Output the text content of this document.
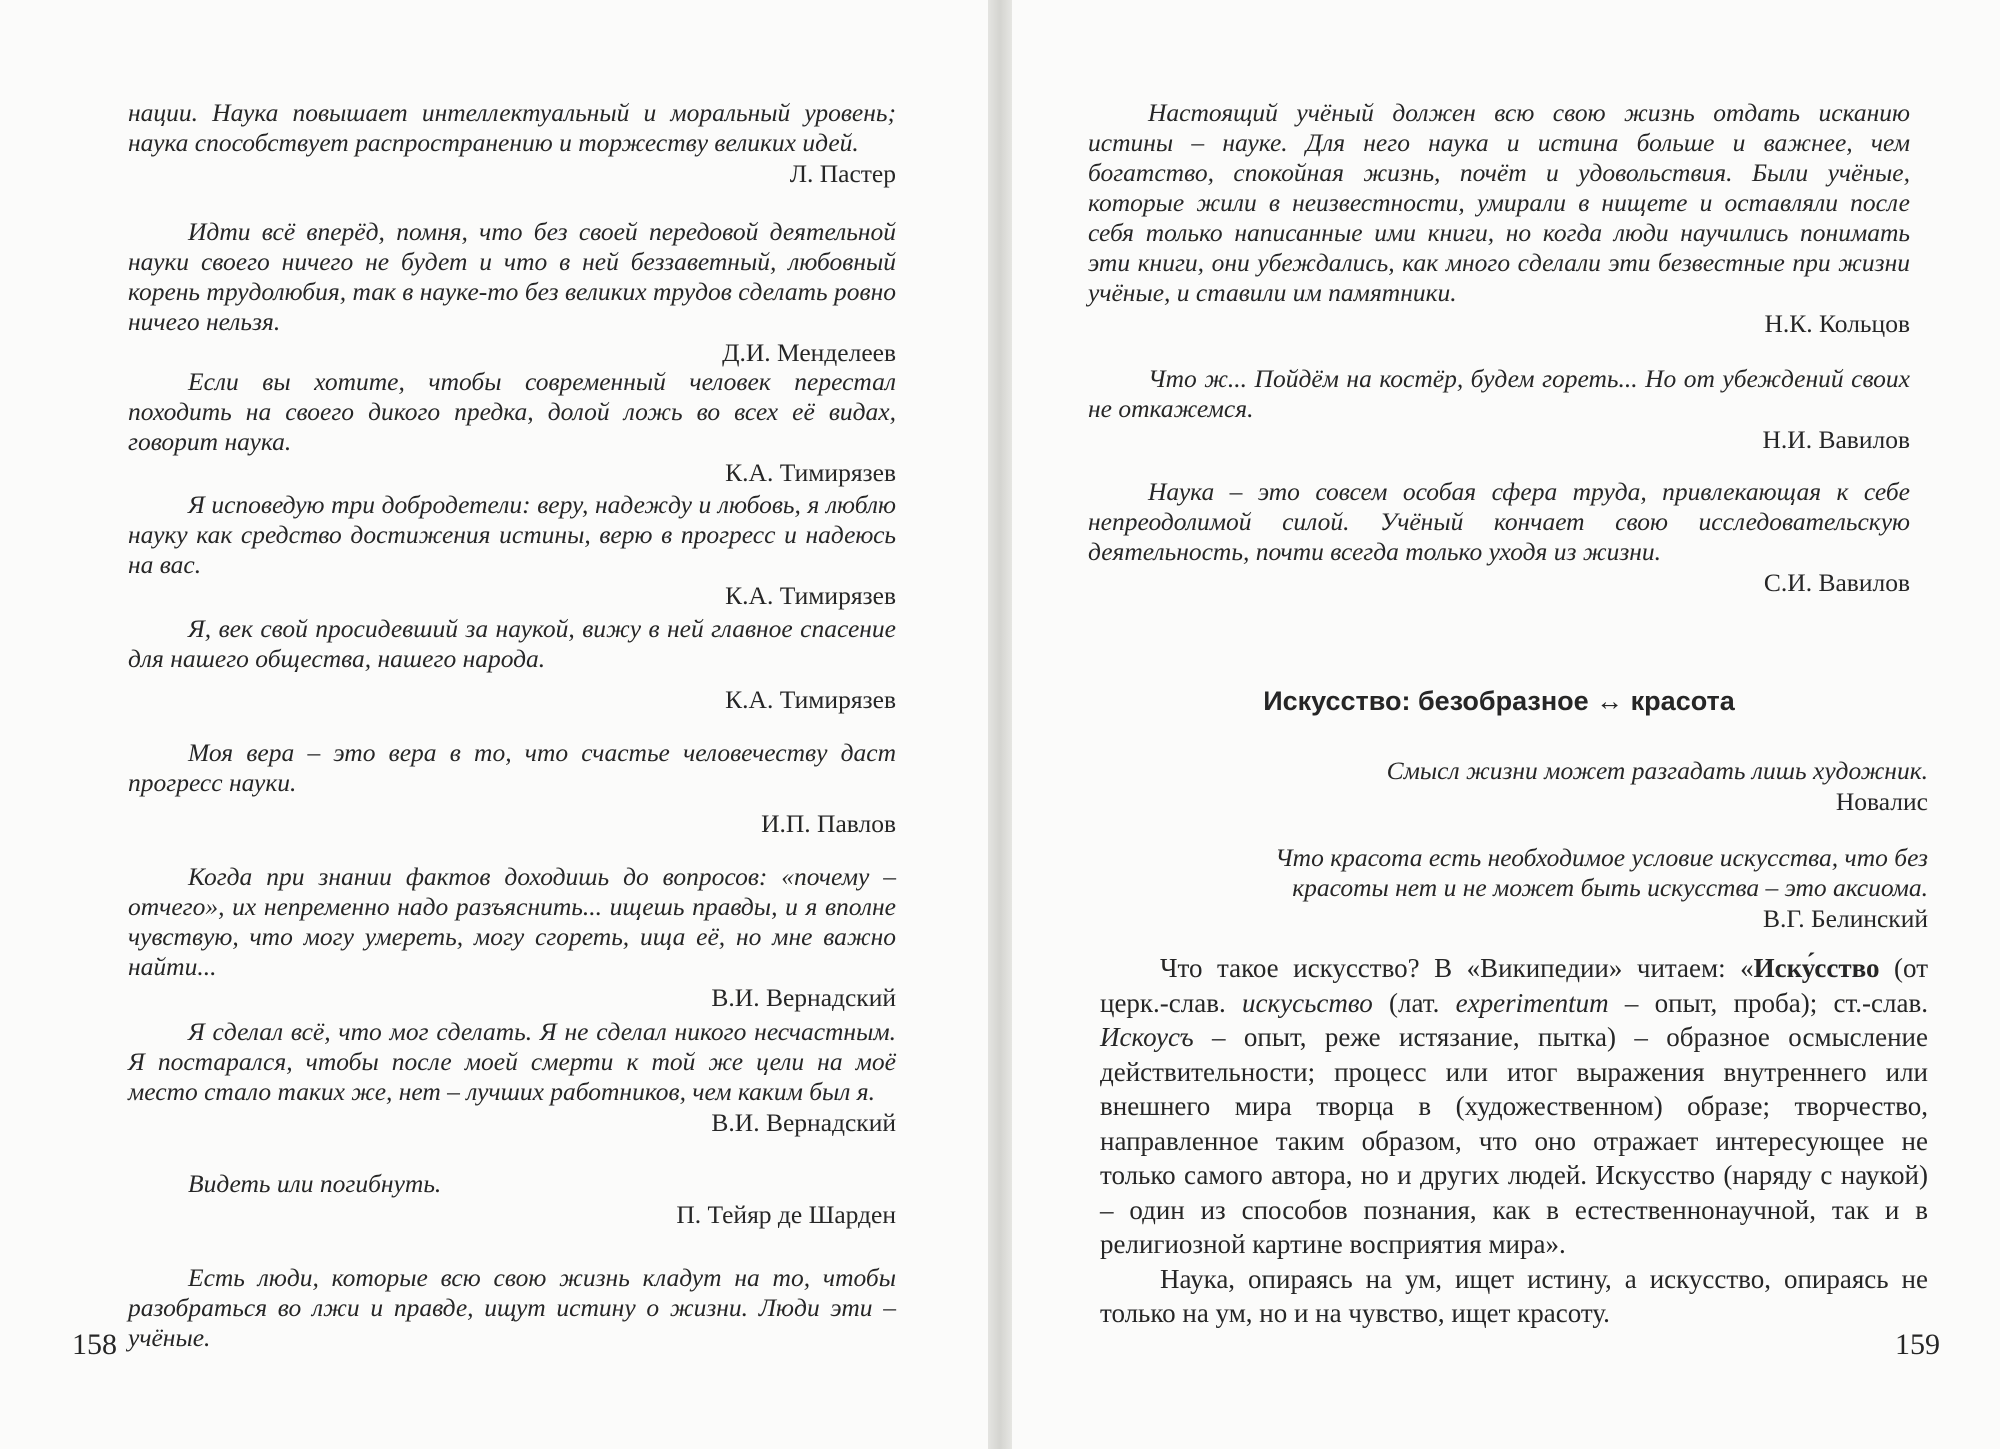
нации. Наука повышает интеллектуальный и моральный уровень; наука способствует распространению и торжеству великих идей.

Л. Пастер

Идти всё вперёд, помня, что без своей передовой деятельной науки своего ничего не будет и что в ней беззаветный, любовный корень трудолюбия, так в науке-то без великих трудов сделать ровно ничего нельзя.

Д.И. Менделеев

Если вы хотите, чтобы современный человек перестал походить на своего дикого предка, долой ложь во всех её видах, говорит наука.

К.А. Тимирязев

Я исповедую три добродетели: веру, надежду и любовь, я люблю науку как средство достижения истины, верю в прогресс и надеюсь на вас.

К.А. Тимирязев

Я, век свой просидевший за наукой, вижу в ней главное спасение для нашего общества, нашего народа.

К.А. Тимирязев

Моя вера – это вера в то, что счастье человечеству даст прогресс науки.

И.П. Павлов

Когда при знании фактов доходишь до вопросов: «почему – отчего», их непременно надо разъяснить... ищешь правды, и я вполне чувствую, что могу умереть, могу сгореть, ища её, но мне важно найти...

В.И. Вернадский

Я сделал всё, что мог сделать. Я не сделал никого несчастным. Я постарался, чтобы после моей смерти к той же цели на моё место стало таких же, нет – лучших работников, чем каким был я.

В.И. Вернадский

Видеть или погибнуть.

П. Тейяр де Шарден

Есть люди, которые всю свою жизнь кладут на то, чтобы разобраться во лжи и правде, ищут истину о жизни. Люди эти – учёные.

158

Настоящий учёный должен всю свою жизнь отдать исканию истины – науке. Для него наука и истина больше и важнее, чем богатство, спокойная жизнь, почёт и удовольствия. Были учёные, которые жили в неизвестности, умирали в нищете и оставляли после себя только написанные ими книги, но когда люди научились понимать эти книги, они убеждались, как много сделали эти безвестные при жизни учёные, и ставили им памятники.

Н.К. Кольцов

Что ж... Пойдём на костёр, будем гореть... Но от убеждений своих не откажемся.

Н.И. Вавилов

Наука – это совсем особая сфера труда, привлекающая к себе непреодолимой силой. Учёный кончает свою исследовательскую деятельность, почти всегда только уходя из жизни.

С.И. Вавилов

Искусство: безобразное ↔ красота

Смысл жизни может разгадать лишь художник.

Новалис

Что красота есть необходимое условие искусства, что без красоты нет и не может быть искусства – это аксиома.

В.Г. Белинский

Что такое искусство? В «Википедии» читаем: «Иску́сство (от церк.-слав. искусьство (лат. experimentum – опыт, проба); ст.-слав. Искоусъ – опыт, реже истязание, пытка) – образное осмысление действительности; процесс или итог выражения внутреннего или внешнего мира творца в (художественном) образе; творчество, направленное таким образом, что оно отражает интересующее не только самого автора, но и других людей. Искусство (наряду с наукой) – один из способов познания, как в естественнонаучной, так и в религиозной картине восприятия мира».

Наука, опираясь на ум, ищет истину, а искусство, опираясь не только на ум, но и на чувство, ищет красоту.

159
